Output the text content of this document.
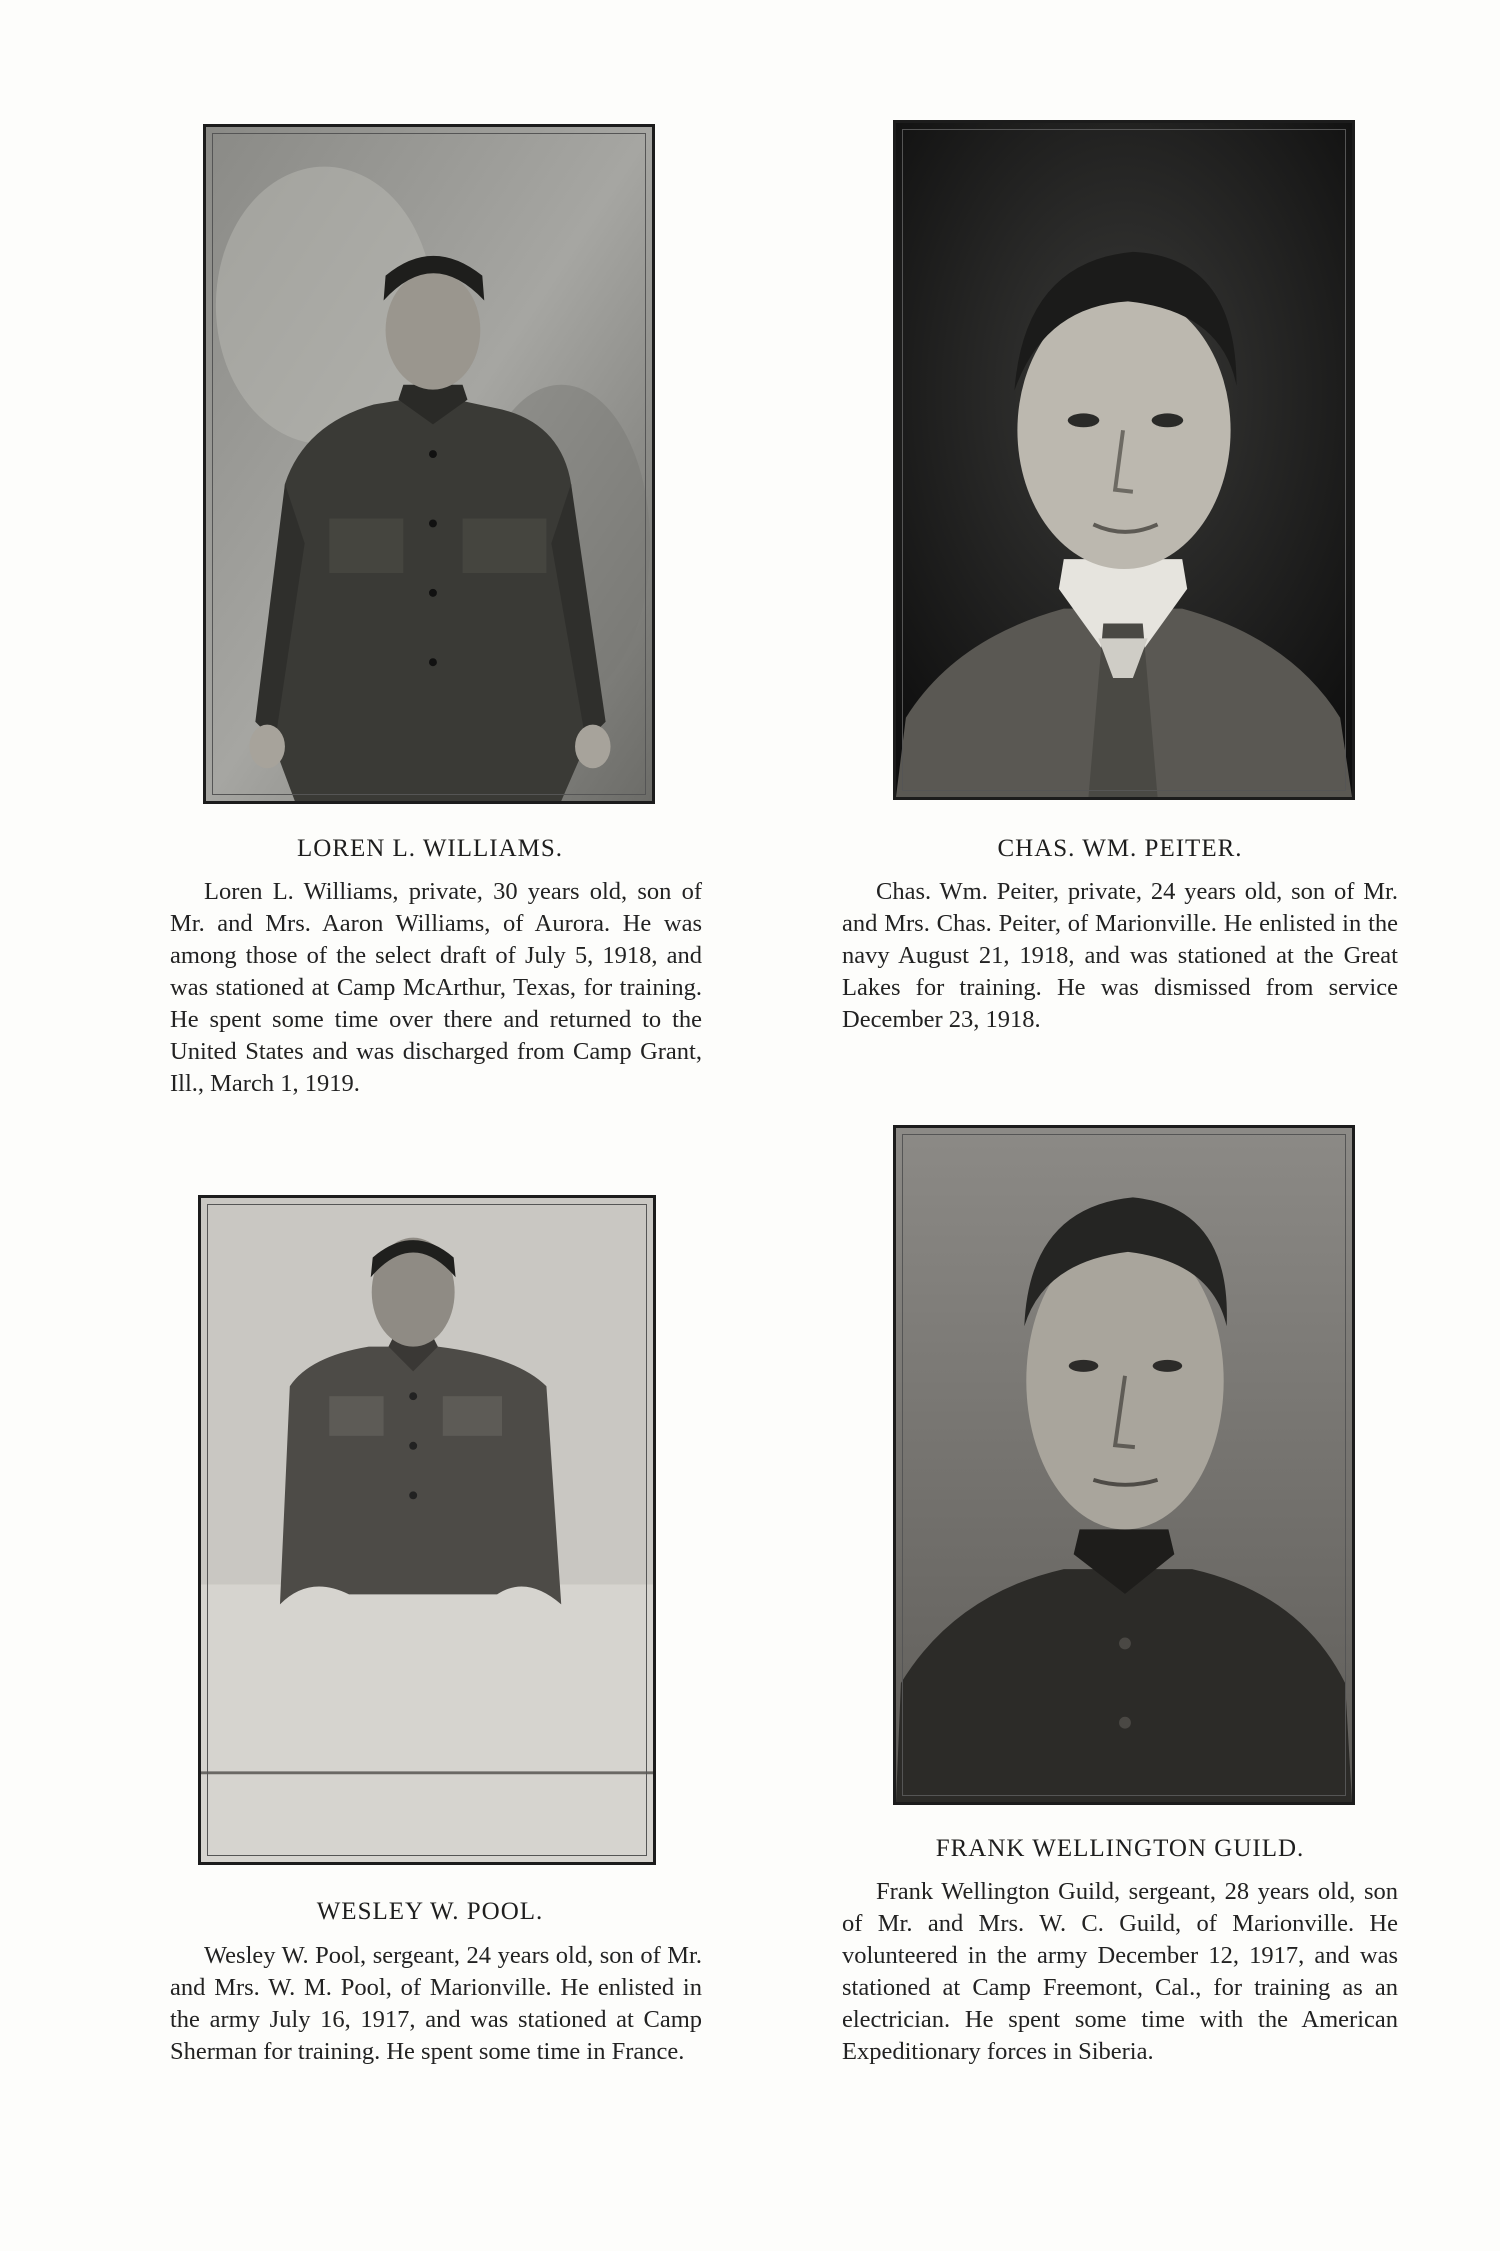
LOREN L. WILLIAMS.

Loren L. Williams, private, 30 years old, son of Mr. and Mrs. Aaron Williams, of Aurora. He was among those of the select draft of July 5, 1918, and was stationed at Camp McArthur, Texas, for training. He spent some time over there and returned to the United States and was discharged from Camp Grant, Ill., March 1, 1919.

CHAS. WM. PEITER.

Chas. Wm. Peiter, private, 24 years old, son of Mr. and Mrs. Chas. Peiter, of Marionville. He enlisted in the navy August 21, 1918, and was stationed at the Great Lakes for training. He was dismissed from service December 23, 1918.

WESLEY W. POOL.

Wesley W. Pool, sergeant, 24 years old, son of Mr. and Mrs. W. M. Pool, of Marionville. He enlisted in the army July 16, 1917, and was stationed at Camp Sherman for training. He spent some time in France.

FRANK WELLINGTON GUILD.

Frank Wellington Guild, sergeant, 28 years old, son of Mr. and Mrs. W. C. Guild, of Marionville. He volunteered in the army December 12, 1917, and was stationed at Camp Freemont, Cal., for training as an electrician. He spent some time with the American Expeditionary forces in Siberia.
